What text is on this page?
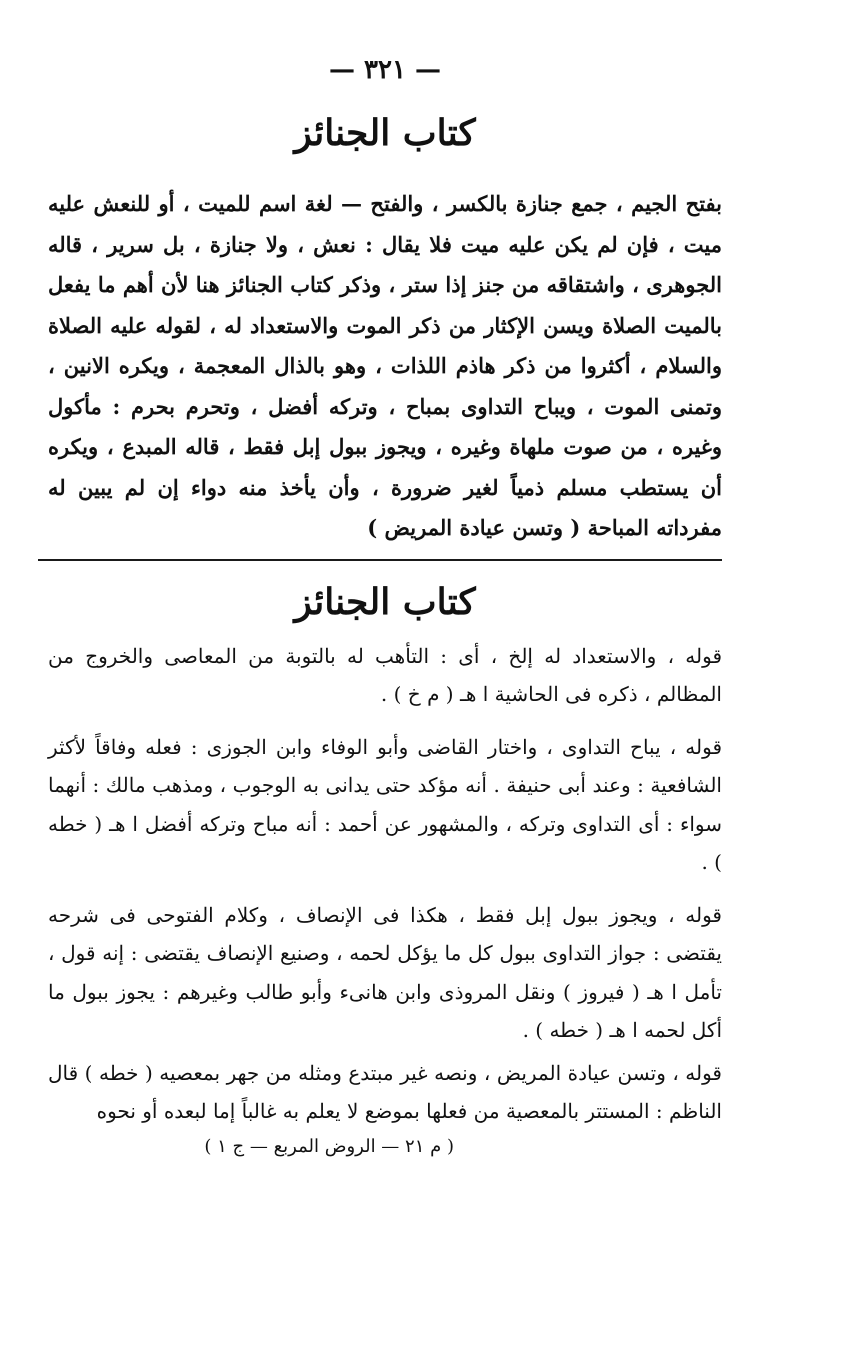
— ٣٢١ —
كتاب الجنائز
بفتح الجيم ، جمع جنازة بالكسر ، والفتح — لغة اسم للميت ، أو للنعش عليه ميت ، فإن لم يكن عليه ميت فلا يقال : نعش ، ولا جنازة ، بل سرير ، قاله الجوهرى ، واشتقاقه من جنز إذا ستر ، وذكر كتاب الجنائز هنا لأن أهم ما يفعل بالميت الصلاة ويسن الإكثار من ذكر الموت والاستعداد له ، لقوله عليه الصلاة والسلام ، أكثروا من ذكر هاذم اللذات ، وهو بالذال المعجمة ، ويكره الانين ، وتمنى الموت ، ويباح التداوى بمباح ، وتركه أفضل ، وتحرم بحرم : مأكول وغيره ، من صوت ملهاة وغيره ، ويجوز ببول إبل فقط ، قاله المبدع ، ويكره أن يستطب مسلم ذمياً لغير ضرورة ، وأن يأخذ منه دواء إن لم يبين له مفرداته المباحة ( وتسن عيادة المريض )
كتاب الجنائز
قوله ، والاستعداد له إلخ ، أى : التأهب له بالتوبة من المعاصى والخروج من المظالم ، ذكره فى الحاشية ا هـ ( م خ ) .
قوله ، يباح التداوى ، واختار القاضى وأبو الوفاء وابن الجوزى : فعله وفاقاً لأكثر الشافعية : وعند أبى حنيفة . أنه مؤكد حتى يدانى به الوجوب ، ومذهب مالك : أنهما سواء : أى التداوى وتركه ، والمشهور عن أحمد : أنه مباح وتركه أفضل ا هـ ( خطه ) .
قوله ، ويجوز ببول إبل فقط ، هكذا فى الإنصاف ، وكلام الفتوحى فى شرحه يقتضى : جواز التداوى ببول كل ما يؤكل لحمه ، وصنيع الإنصاف يقتضى : إنه قول ، تأمل ا هـ ( فيروز ) ونقل المروذى وابن هانىء وأبو طالب وغيرهم : يجوز ببول ما أكل لحمه ا هـ ( خطه ) .
قوله ، وتسن عيادة المريض ، ونصه غير مبتدع ومثله من جهر بمعصيه ( خطه ) قال الناظم : المستتر بالمعصية من فعلها بموضع لا يعلم به غالباً إما لبعده أو نحوه
( م ٢١ — الروض المربع — ج ١ )
